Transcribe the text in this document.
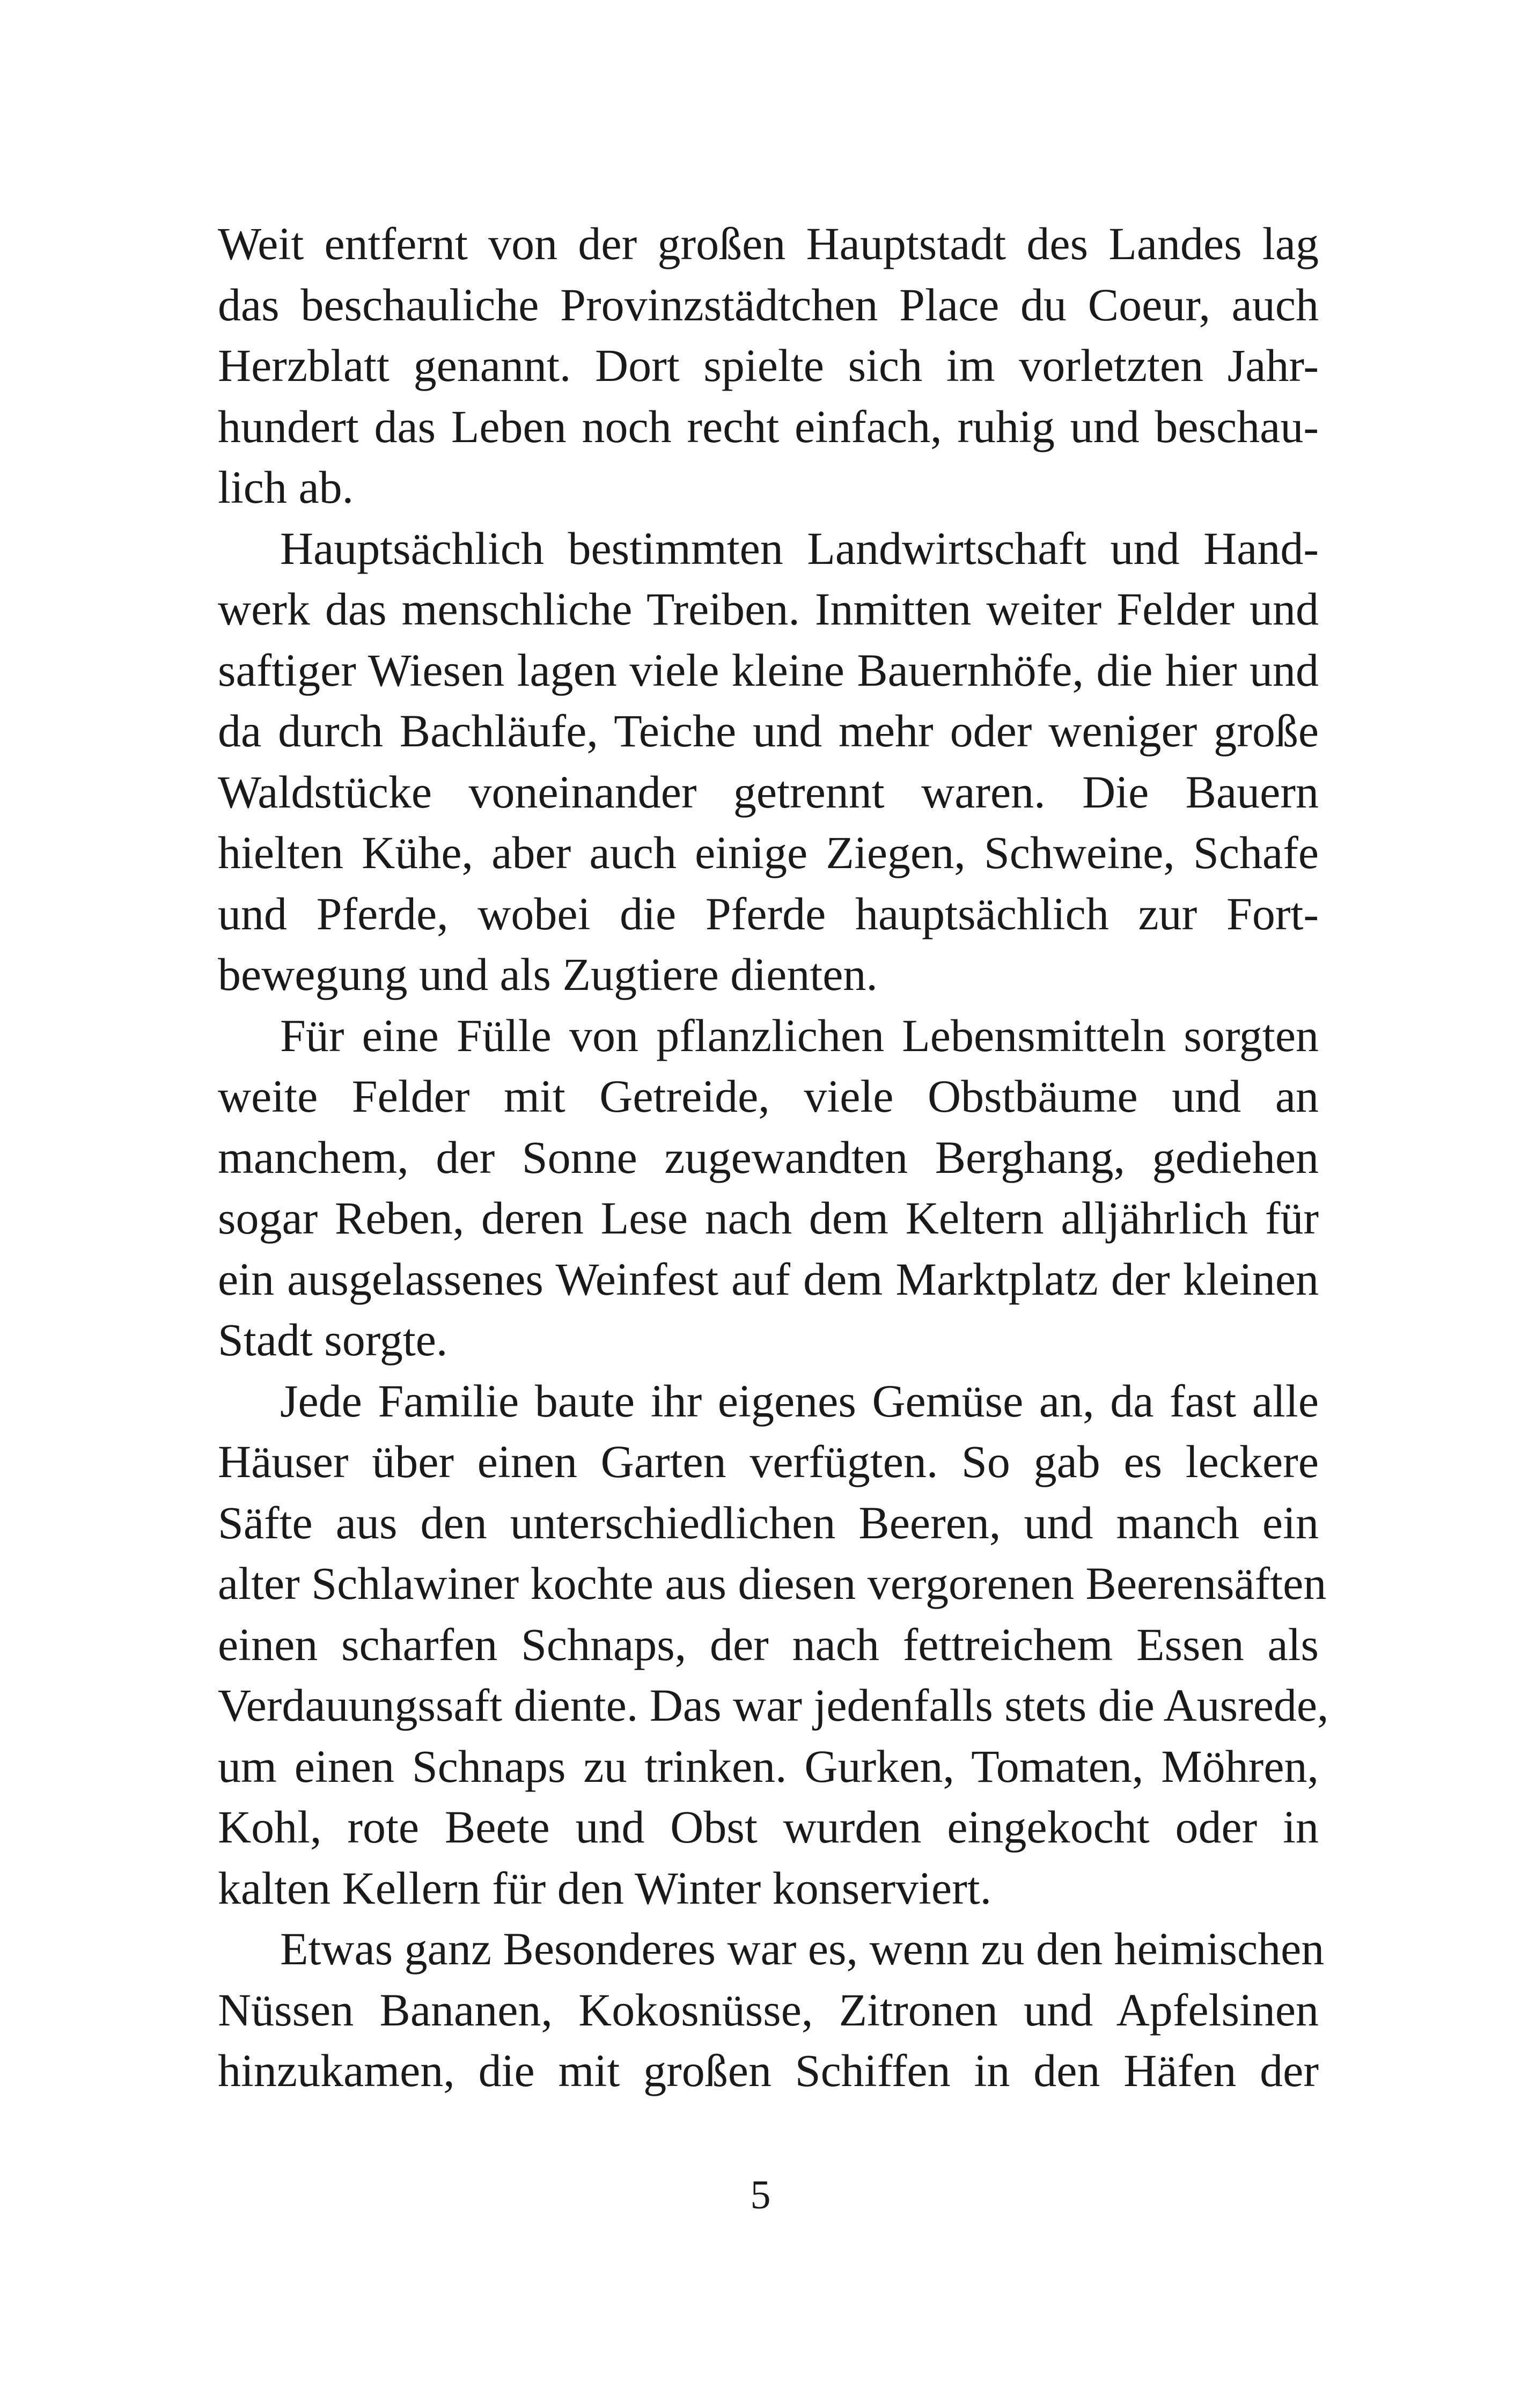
Weit entfernt von der großen Hauptstadt des Landes lag
das beschauliche Provinzstädtchen Place du Coeur, auch
Herzblatt genannt. Dort spielte sich im vorletzten Jahr-
hundert das Leben noch recht einfach, ruhig und beschau-
lich ab.
Hauptsächlich bestimmten Landwirtschaft und Hand-
werk das menschliche Treiben. Inmitten weiter Felder und
saftiger Wiesen lagen viele kleine Bauernhöfe, die hier und
da durch Bachläufe, Teiche und mehr oder weniger große
Waldstücke voneinander getrennt waren. Die Bauern
hielten Kühe, aber auch einige Ziegen, Schweine, Schafe
und Pferde, wobei die Pferde hauptsächlich zur Fort-
bewegung und als Zugtiere dienten.
Für eine Fülle von pflanzlichen Lebensmitteln sorgten
weite Felder mit Getreide, viele Obstbäume und an
manchem, der Sonne zugewandten Berghang, gediehen
sogar Reben, deren Lese nach dem Keltern alljährlich für
ein ausgelassenes Weinfest auf dem Marktplatz der kleinen
Stadt sorgte.
Jede Familie baute ihr eigenes Gemüse an, da fast alle
Häuser über einen Garten verfügten. So gab es leckere
Säfte aus den unterschiedlichen Beeren, und manch ein
alter Schlawiner kochte aus diesen vergorenen Beerensäften
einen scharfen Schnaps, der nach fettreichem Essen als
Verdauungssaft diente. Das war jedenfalls stets die Ausrede,
um einen Schnaps zu trinken. Gurken, Tomaten, Möhren,
Kohl, rote Beete und Obst wurden eingekocht oder in
kalten Kellern für den Winter konserviert.
Etwas ganz Besonderes war es, wenn zu den heimischen
Nüssen Bananen, Kokosnüsse, Zitronen und Apfelsinen
hinzukamen, die mit großen Schiffen in den Häfen der
5
